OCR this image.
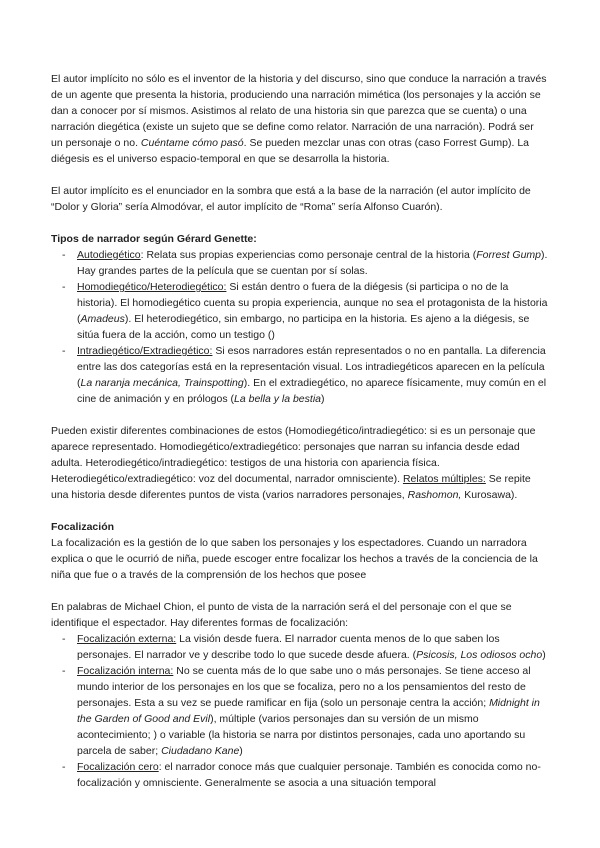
El autor implícito no sólo es el inventor de la historia y del discurso, sino que conduce la narración a través de un agente que presenta la historia, produciendo una narración mimética (los personajes y la acción se dan a conocer por sí mismos. Asistimos al relato de una historia sin que parezca que se cuenta) o una narración diegética (existe un sujeto que se define como relator. Narración de una narración). Podrá ser un personaje o no. Cuéntame cómo pasó. Se pueden mezclar unas con otras (caso Forrest Gump). La diégesis es el universo espacio-temporal en que se desarrolla la historia.

El autor implícito es el enunciador en la sombra que está a la base de la narración (el autor implícito de “Dolor y Gloria” sería Almodóvar, el autor implícito de “Roma” sería Alfonso Cuarón).

Tipos de narrador según Gérard Genette:

- Autodiegético: Relata sus propias experiencias como personaje central de la historia (Forrest Gump). Hay grandes partes de la película que se cuentan por sí solas.
- Homodiegético/Heterodiegético: Si están dentro o fuera de la diégesis (si participa o no de la historia). El homodiegético cuenta su propia experiencia, aunque no sea el protagonista de la historia (Amadeus). El heterodiegético, sin embargo, no participa en la historia. Es ajeno a la diégesis, se sitúa fuera de la acción, como un testigo ()
- Intradiegético/Extradiegético: Si esos narradores están representados o no en pantalla. La diferencia entre las dos categorías está en la representación visual. Los intradiegéticos aparecen en la película (La naranja mecánica, Trainspotting). En el extradiegético, no aparece físicamente, muy común en el cine de animación y en prólogos (La bella y la bestia)

Pueden existir diferentes combinaciones de estos (Homodiegético/intradiegético: si es un personaje que aparece representado. Homodiegético/extradiegético: personajes que narran su infancia desde edad adulta. Heterodiegético/intradiegético: testigos de una historia con apariencia física. Heterodiegético/extradiegético: voz del documental, narrador omnisciente). Relatos múltiples: Se repite una historia desde diferentes puntos de vista (varios narradores personajes, Rashomon, Kurosawa).

Focalización

La focalización es la gestión de lo que saben los personajes y los espectadores. Cuando un narradora explica o que le ocurrió de niña, puede escoger entre focalizar los hechos a través de la conciencia de la niña que fue o a través de la comprensión de los hechos que posee

En palabras de Michael Chion, el punto de vista de la narración será el del personaje con el que se identifique el espectador. Hay diferentes formas de focalización:

- Focalización externa: La visión desde fuera. El narrador cuenta menos de lo que saben los personajes. El narrador ve y describe todo lo que sucede desde afuera. (Psicosis, Los odiosos ocho)
- Focalización interna: No se cuenta más de lo que sabe uno o más personajes. Se tiene acceso al mundo interior de los personajes en los que se focaliza, pero no a los pensamientos del resto de personajes. Esta a su vez se puede ramificar en fija (solo un personaje centra la acción; Midnight in the Garden of Good and Evil), múltiple (varios personajes dan su versión de un mismo acontecimiento; ) o variable (la historia se narra por distintos personajes, cada uno aportando su parcela de saber; Ciudadano Kane)
- Focalización cero: el narrador conoce más que cualquier personaje. También es conocida como no-focalización y omnisciente. Generalmente se asocia a una situación temporal
